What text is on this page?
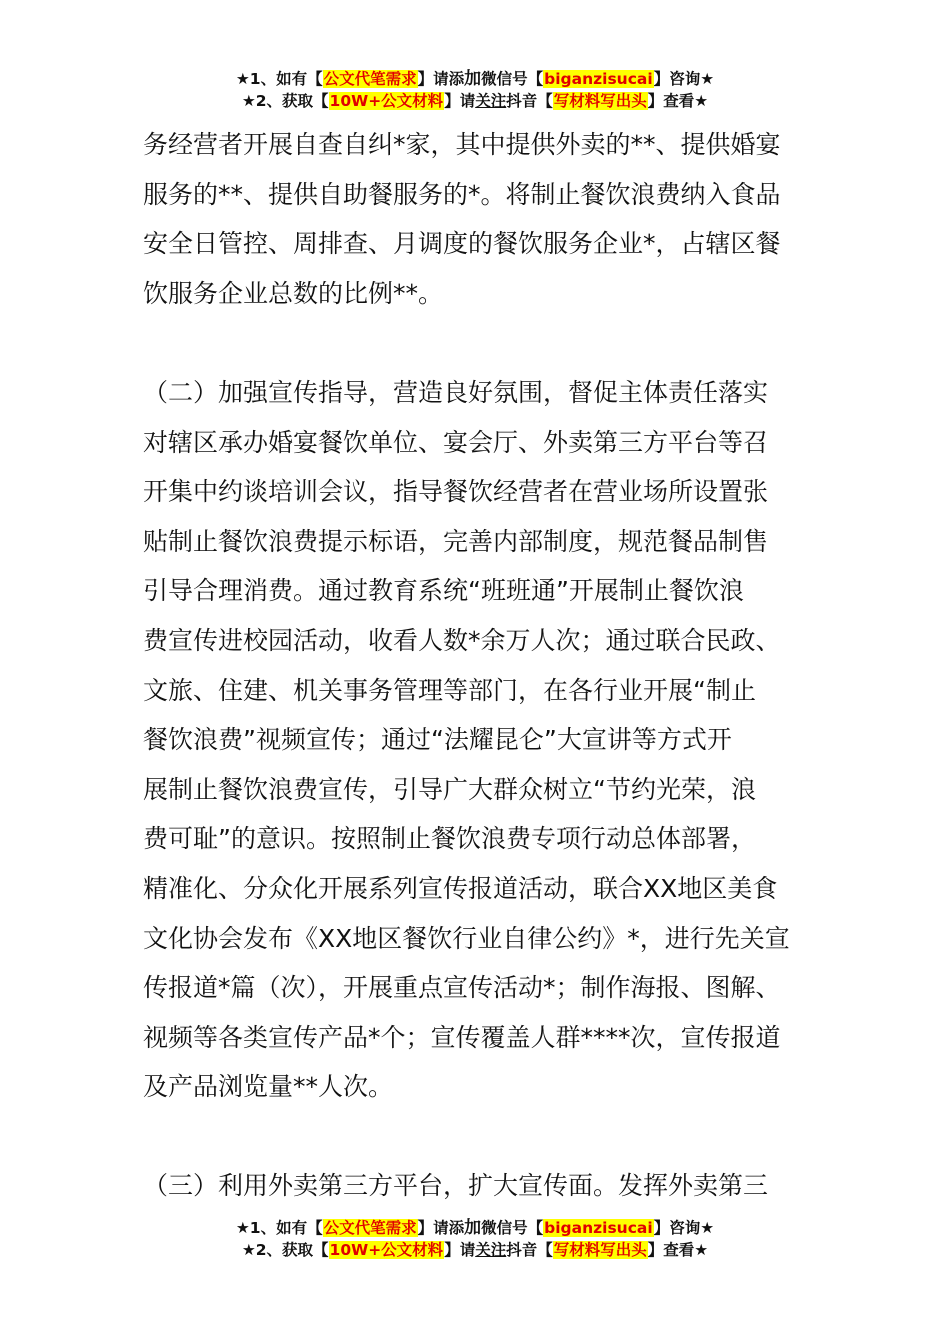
★1、如有【公文代笔需求】请添加微信号【biganzisucai】咨询★
★2、获取【10W+公文材料】请关注抖音【写材料写出头】查看★
务经营者开展自查自纠*家，其中提供外卖的**、提供婚宴
服务的**、提供自助餐服务的*。将制止餐饮浪费纳入食品
安全日管控、周排查、月调度的餐饮服务企业*，占辖区餐
饮服务企业总数的比例**。
（二）加强宣传指导，营造良好氛围，督促主体责任落实
对辖区承办婚宴餐饮单位、宴会厅、外卖第三方平台等召
开集中约谈培训会议，指导餐饮经营者在营业场所设置张
贴制止餐饮浪费提示标语，完善内部制度，规范餐品制售
引导合理消费。通过教育系统“班班通”开展制止餐饮浪
费宣传进校园活动，收看人数*余万人次；通过联合民政、
文旅、住建、机关事务管理等部门，在各行业开展“制止
餐饮浪费”视频宣传；通过“法耀昆仑”大宣讲等方式开
展制止餐饮浪费宣传，引导广大群众树立“节约光荣，浪
费可耻”的意识。按照制止餐饮浪费专项行动总体部署，
精准化、分众化开展系列宣传报道活动，联合XX地区美食
文化协会发布《XX地区餐饮行业自律公约》*，进行先关宣
传报道*篇（次），开展重点宣传活动*；制作海报、图解、
视频等各类宣传产品*个；宣传覆盖人群****次，宣传报道
及产品浏览量**人次。
（三）利用外卖第三方平台，扩大宣传面。发挥外卖第三
★1、如有【公文代笔需求】请添加微信号【biganzisucai】咨询★
★2、获取【10W+公文材料】请关注抖音【写材料写出头】查看★
